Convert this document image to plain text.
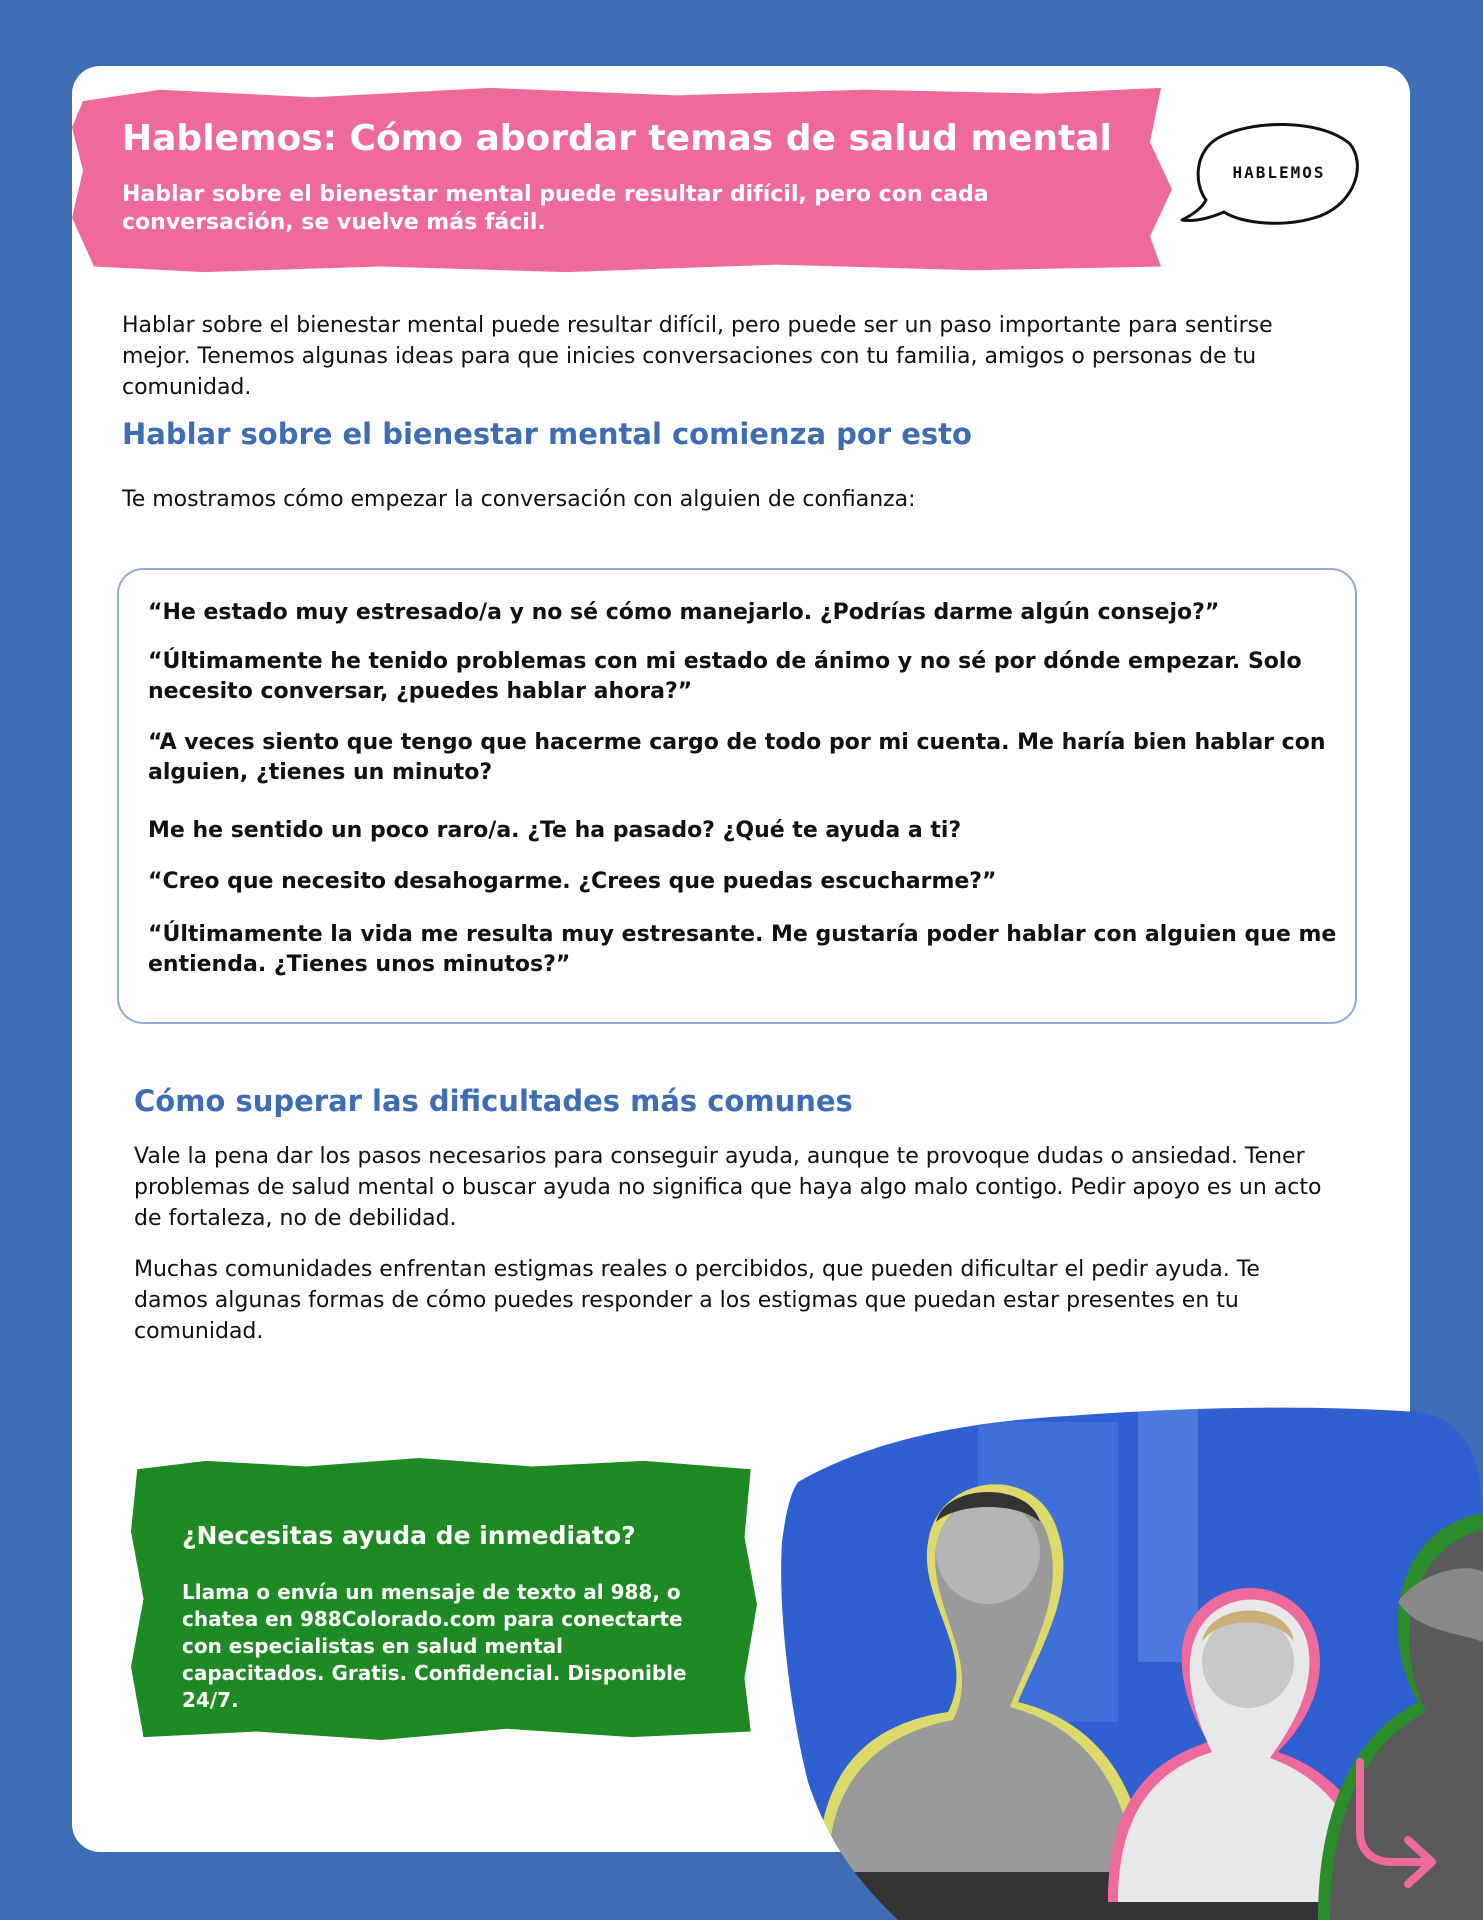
Hablemos: Cómo abordar temas de salud mental

Hablar sobre el bienestar mental puede resultar difícil, pero con cada conversación, se vuelve más fácil.

HABLEMOS

Hablar sobre el bienestar mental puede resultar difícil, pero puede ser un paso importante para sentirse mejor. Tenemos algunas ideas para que inicies conversaciones con tu familia, amigos o personas de tu comunidad.

Hablar sobre el bienestar mental comienza por esto

Te mostramos cómo empezar la conversación con alguien de confianza:

“He estado muy estresado/a y no sé cómo manejarlo. ¿Podrías darme algún consejo?”

“Últimamente he tenido problemas con mi estado de ánimo y no sé por dónde empezar. Solo necesito conversar, ¿puedes hablar ahora?”

“A veces siento que tengo que hacerme cargo de todo por mi cuenta. Me haría bien hablar con alguien, ¿tienes un minuto?

Me he sentido un poco raro/a. ¿Te ha pasado? ¿Qué te ayuda a ti?

“Creo que necesito desahogarme. ¿Crees que puedas escucharme?”

“Últimamente la vida me resulta muy estresante. Me gustaría poder hablar con alguien que me entienda. ¿Tienes unos minutos?”

Cómo superar las dificultades más comunes

Vale la pena dar los pasos necesarios para conseguir ayuda, aunque te provoque dudas o ansiedad. Tener problemas de salud mental o buscar ayuda no significa que haya algo malo contigo. Pedir apoyo es un acto de fortaleza, no de debilidad.

Muchas comunidades enfrentan estigmas reales o percibidos, que pueden dificultar el pedir ayuda. Te damos algunas formas de cómo puedes responder a los estigmas que puedan estar presentes en tu comunidad.

¿Necesitas ayuda de inmediato?

Llama o envía un mensaje de texto al 988, o chatea en 988Colorado.com para conectarte con especialistas en salud mental capacitados. Gratis. Confidencial. Disponible 24/7.
